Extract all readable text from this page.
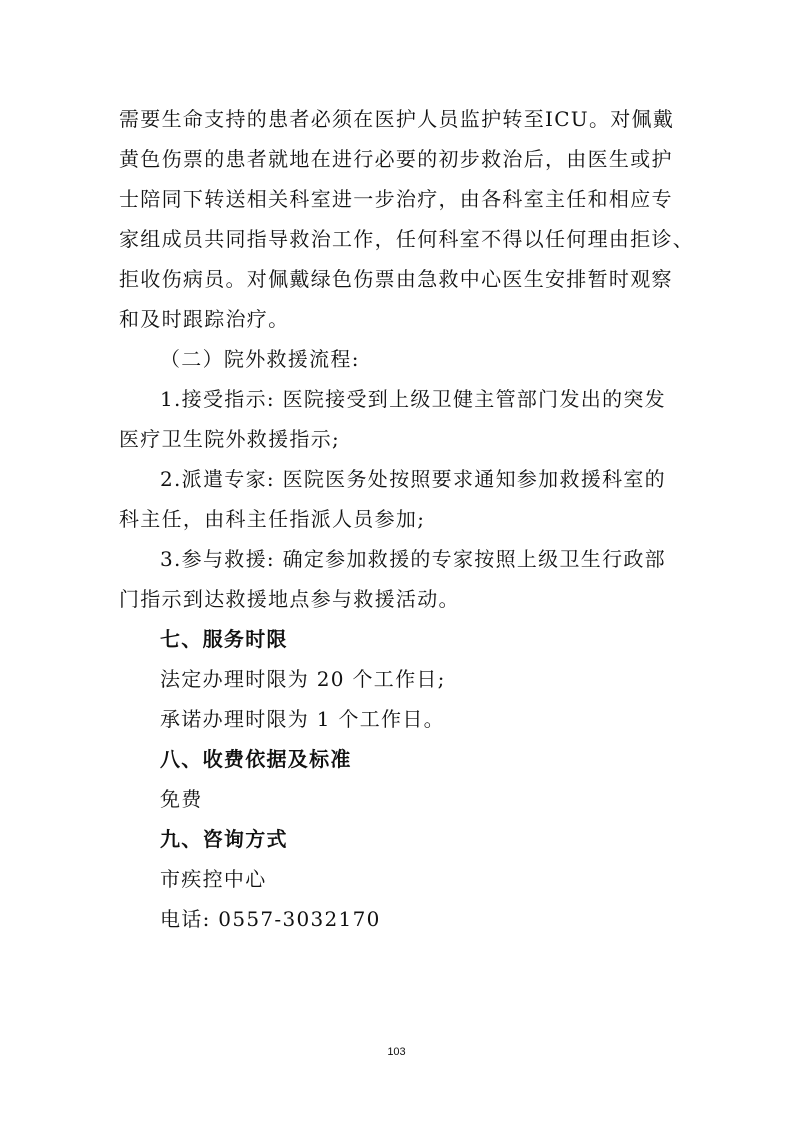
需要生命支持的患者必须在医护人员监护转至ICU。对佩戴
黄色伤票的患者就地在进行必要的初步救治后，由医生或护
士陪同下转送相关科室进一步治疗，由各科室主任和相应专
家组成员共同指导救治工作，任何科室不得以任何理由拒诊、
拒收伤病员。对佩戴绿色伤票由急救中心医生安排暂时观察
和及时跟踪治疗。
（二）院外救援流程:
1.接受指示: 医院接受到上级卫健主管部门发出的突发
医疗卫生院外救援指示;
2.派遣专家: 医院医务处按照要求通知参加救援科室的
科主任，由科主任指派人员参加;
3.参与救援: 确定参加救援的专家按照上级卫生行政部
门指示到达救援地点参与救援活动。
七、服务时限
法定办理时限为 20 个工作日;
承诺办理时限为 1 个工作日。
八、收费依据及标准
免费
九、咨询方式
市疾控中心
电话: 0557-3032170
103
